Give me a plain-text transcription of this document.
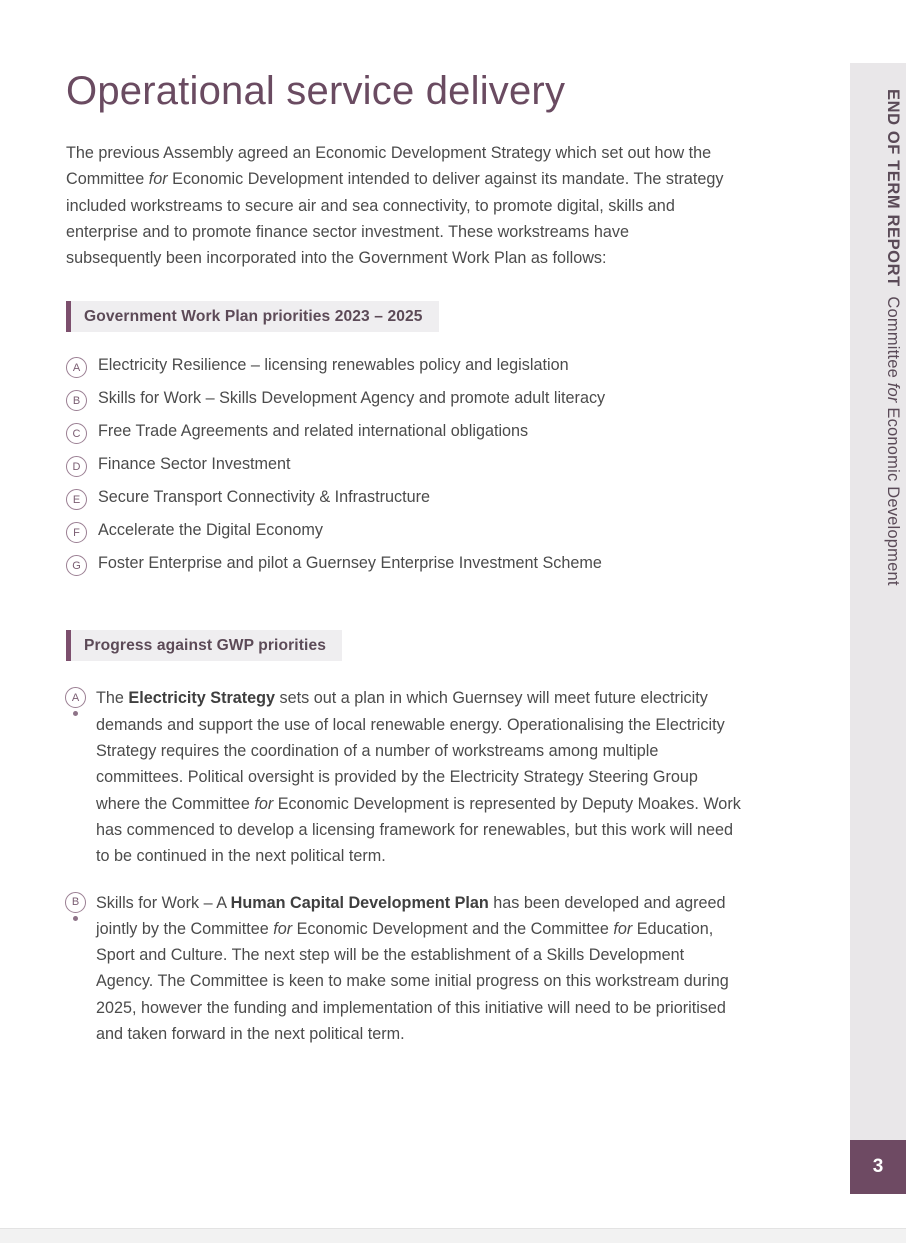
Operational service delivery

The previous Assembly agreed an Economic Development Strategy which set out how the Committee for Economic Development intended to deliver against its mandate. The strategy included workstreams to secure air and sea connectivity, to promote digital, skills and enterprise and to promote finance sector investment. These workstreams have subsequently been incorporated into the Government Work Plan as follows:

Government Work Plan priorities 2023 – 2025
A	Electricity Resilience – licensing renewables policy and legislation
B	Skills for Work – Skills Development Agency and promote adult literacy
C	Free Trade Agreements and related international obligations
D	Finance Sector Investment
E	Secure Transport Connectivity & Infrastructure
F	Accelerate the Digital Economy
G	Foster Enterprise and pilot a Guernsey Enterprise Investment Scheme
Progress against GWP priorities
A	The Electricity Strategy sets out a plan in which Guernsey will meet future electricity demands and support the use of local renewable energy. Operationalising the Electricity Strategy requires the coordination of a number of workstreams among multiple committees. Political oversight is provided by the Electricity Strategy Steering Group where the Committee for Economic Development is represented by Deputy Moakes. Work has commenced to develop a licensing framework for renewables, but this work will need to be continued in the next political term.
B	Skills for Work – A Human Capital Development Plan has been developed and agreed jointly by the Committee for Economic Development and the Committee for Education, Sport and Culture. The next step will be the establishment of a Skills Development Agency. The Committee is keen to make some initial progress on this workstream during 2025, however the funding and implementation of this initiative will need to be prioritised and taken forward in the next political term.
END OF TERM REPORT  Committee for Economic Development
3
